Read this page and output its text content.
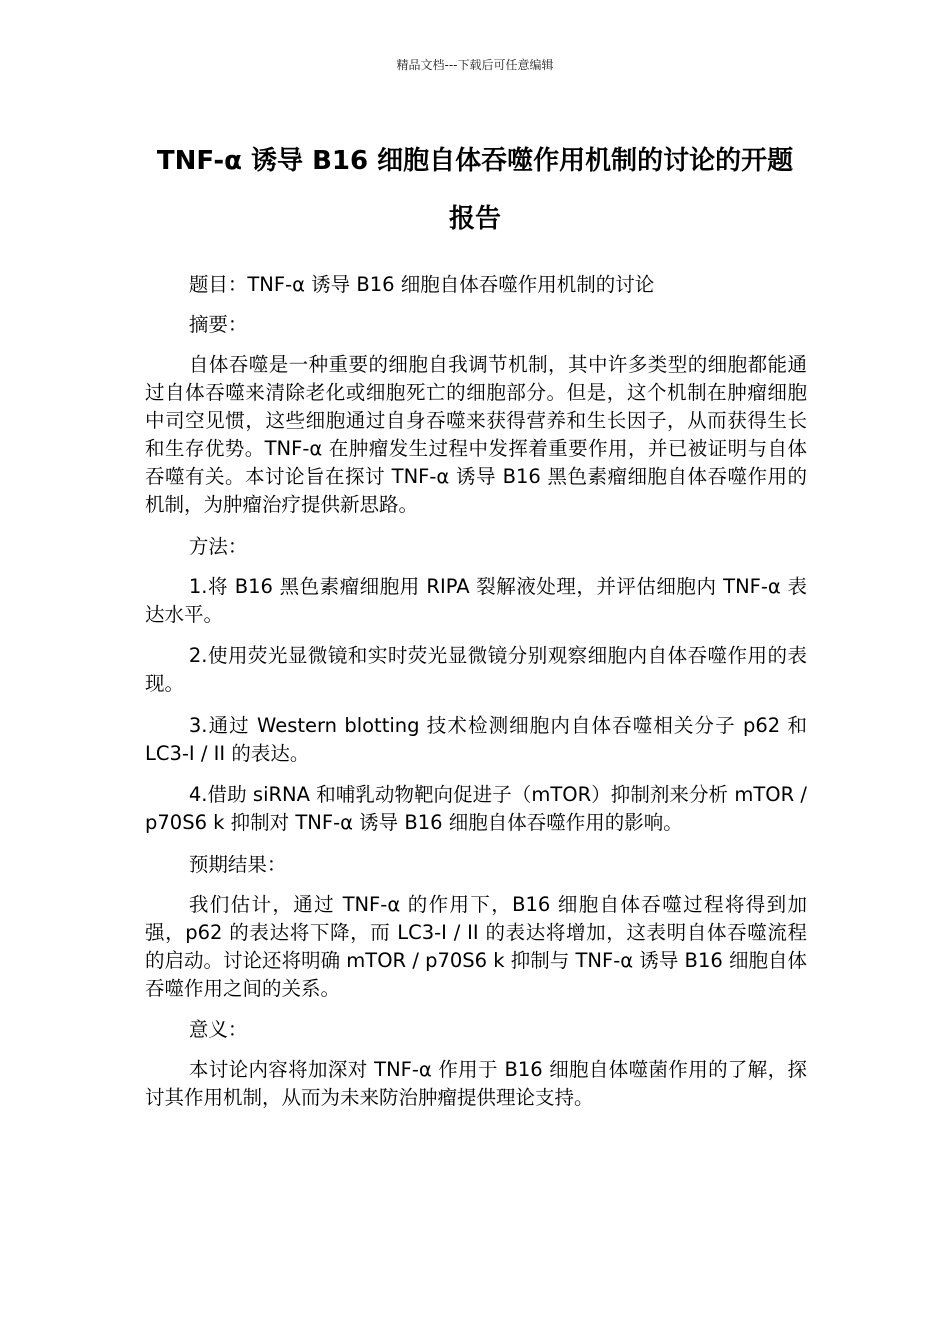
精品文档---下载后可任意编辑
TNF-α 诱导 B16 细胞自体吞噬作用机制的讨论的开题报告

题目：TNF-α 诱导 B16 细胞自体吞噬作用机制的讨论

摘要：

自体吞噬是一种重要的细胞自我调节机制，其中许多类型的细胞都能通过自体吞噬来清除老化或细胞死亡的细胞部分。但是，这个机制在肿瘤细胞中司空见惯，这些细胞通过自身吞噬来获得营养和生长因子，从而获得生长和生存优势。TNF-α 在肿瘤发生过程中发挥着重要作用，并已被证明与自体吞噬有关。本讨论旨在探讨 TNF-α 诱导 B16 黑色素瘤细胞自体吞噬作用的机制，为肿瘤治疗提供新思路。

方法：

1.将 B16 黑色素瘤细胞用 RIPA 裂解液处理，并评估细胞内 TNF-α 表达水平。

2.使用荧光显微镜和实时荧光显微镜分别观察细胞内自体吞噬作用的表现。

3.通过 Western blotting 技术检测细胞内自体吞噬相关分子 p62 和 LC3-I / II 的表达。

4.借助 siRNA 和哺乳动物靶向促进子（mTOR）抑制剂来分析 mTOR / p70S6 k 抑制对 TNF-α 诱导 B16 细胞自体吞噬作用的影响。

预期结果：

我们估计，通过 TNF-α 的作用下，B16 细胞自体吞噬过程将得到加强，p62 的表达将下降，而 LC3-I / II 的表达将增加，这表明自体吞噬流程的启动。讨论还将明确 mTOR / p70S6 k 抑制与 TNF-α 诱导 B16 细胞自体吞噬作用之间的关系。

意义：

本讨论内容将加深对 TNF-α 作用于 B16 细胞自体噬菌作用的了解，探讨其作用机制，从而为未来防治肿瘤提供理论支持。
